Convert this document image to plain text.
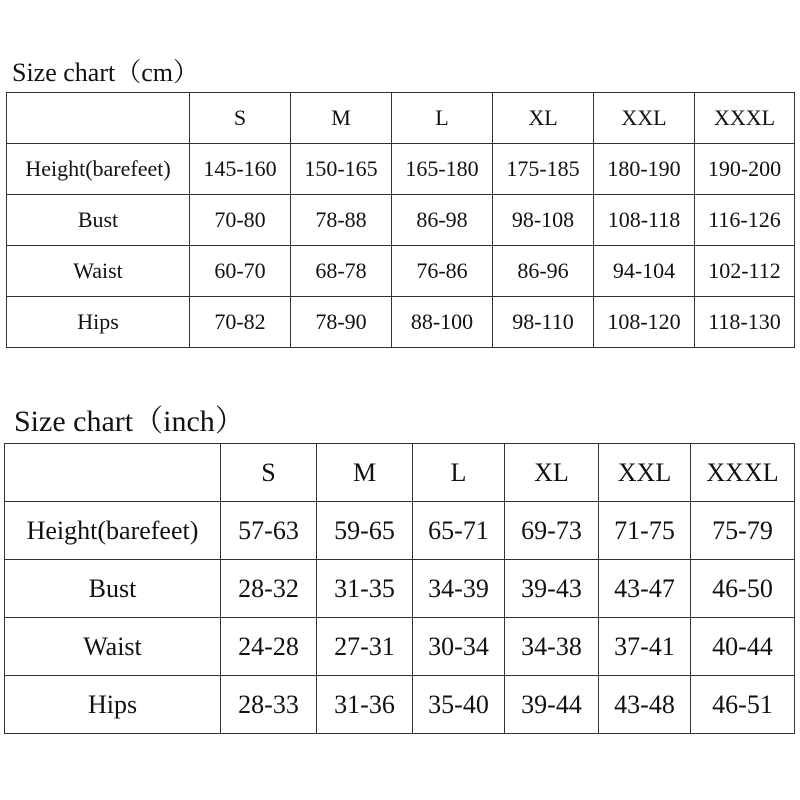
Size chart（cm）
	S	M	L	XL	XXL	XXXL
Height(barefeet)	145-160	150-165	165-180	175-185	180-190	190-200
Bust	70-80	78-88	86-98	98-108	108-118	116-126
Waist	60-70	68-78	76-86	86-96	94-104	102-112
Hips	70-82	78-90	88-100	98-110	108-120	118-130
Size chart（inch）
	S	M	L	XL	XXL	XXXL
Height(barefeet)	57-63	59-65	65-71	69-73	71-75	75-79
Bust	28-32	31-35	34-39	39-43	43-47	46-50
Waist	24-28	27-31	30-34	34-38	37-41	40-44
Hips	28-33	31-36	35-40	39-44	43-48	46-51
